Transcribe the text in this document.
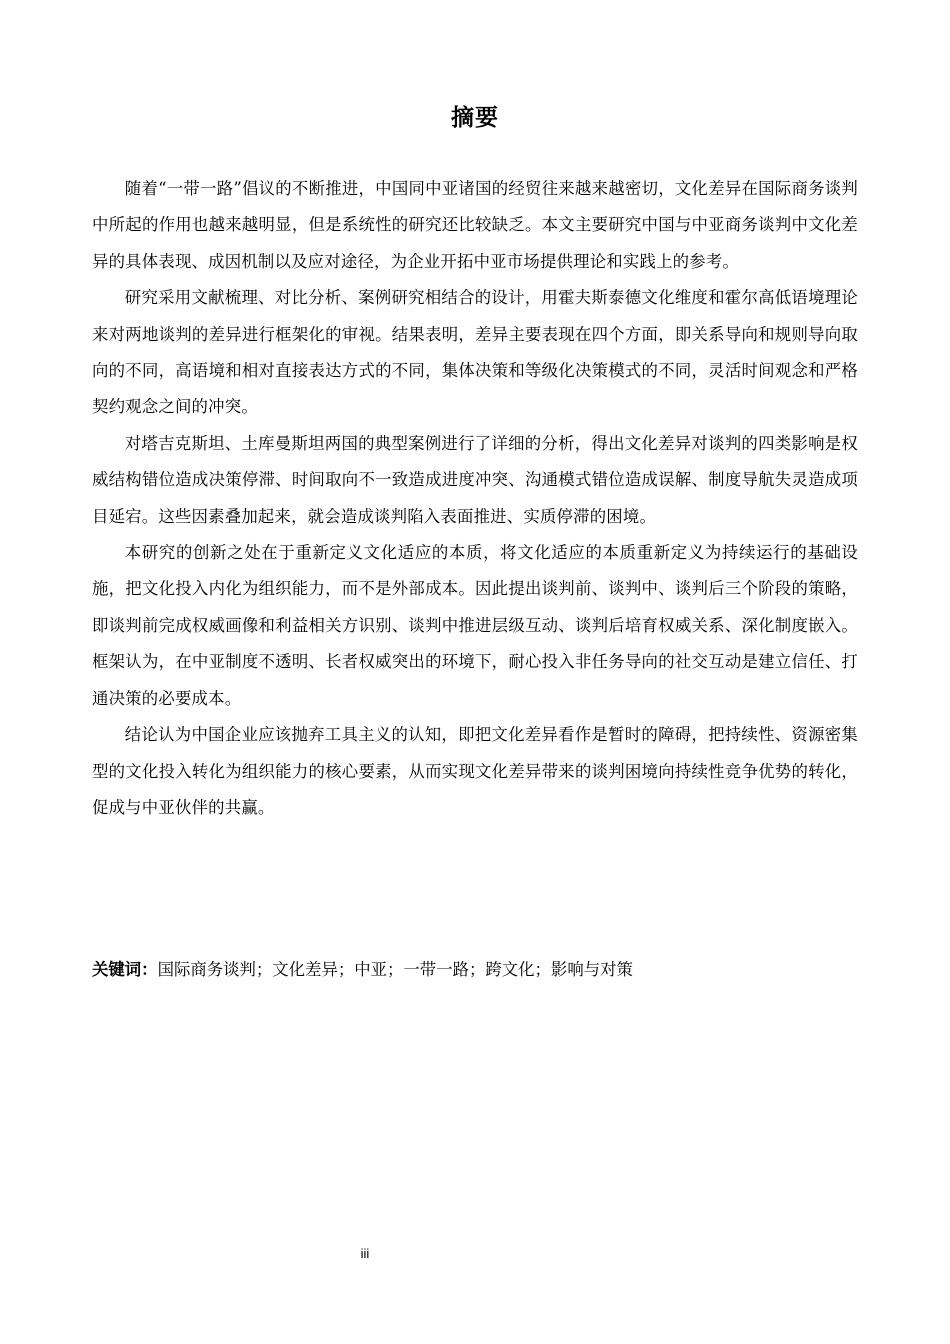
摘要

随着“一带一路”倡议的不断推进，中国同中亚诸国的经贸往来越来越密切，文化差异在国际商务谈判中所起的作用也越来越明显，但是系统性的研究还比较缺乏。本文主要研究中国与中亚商务谈判中文化差异的具体表现、成因机制以及应对途径，为企业开拓中亚市场提供理论和实践上的参考。

研究采用文献梳理、对比分析、案例研究相结合的设计，用霍夫斯泰德文化维度和霍尔高低语境理论来对两地谈判的差异进行框架化的审视。结果表明，差异主要表现在四个方面，即关系导向和规则导向取向的不同，高语境和相对直接表达方式的不同，集体决策和等级化决策模式的不同，灵活时间观念和严格契约观念之间的冲突。

对塔吉克斯坦、土库曼斯坦两国的典型案例进行了详细的分析，得出文化差异对谈判的四类影响是权威结构错位造成决策停滞、时间取向不一致造成进度冲突、沟通模式错位造成误解、制度导航失灵造成项目延宕。这些因素叠加起来，就会造成谈判陷入表面推进、实质停滞的困境。

本研究的创新之处在于重新定义文化适应的本质，将文化适应的本质重新定义为持续运行的基础设施，把文化投入内化为组织能力，而不是外部成本。因此提出谈判前、谈判中、谈判后三个阶段的策略，即谈判前完成权威画像和利益相关方识别、谈判中推进层级互动、谈判后培育权威关系、深化制度嵌入。框架认为，在中亚制度不透明、长者权威突出的环境下，耐心投入非任务导向的社交互动是建立信任、打通决策的必要成本。

结论认为中国企业应该抛弃工具主义的认知，即把文化差异看作是暂时的障碍，把持续性、资源密集型的文化投入转化为组织能力的核心要素，从而实现文化差异带来的谈判困境向持续性竞争优势的转化，促成与中亚伙伴的共赢。

关键词：国际商务谈判；文化差异；中亚；一带一路；跨文化；影响与对策
iii
